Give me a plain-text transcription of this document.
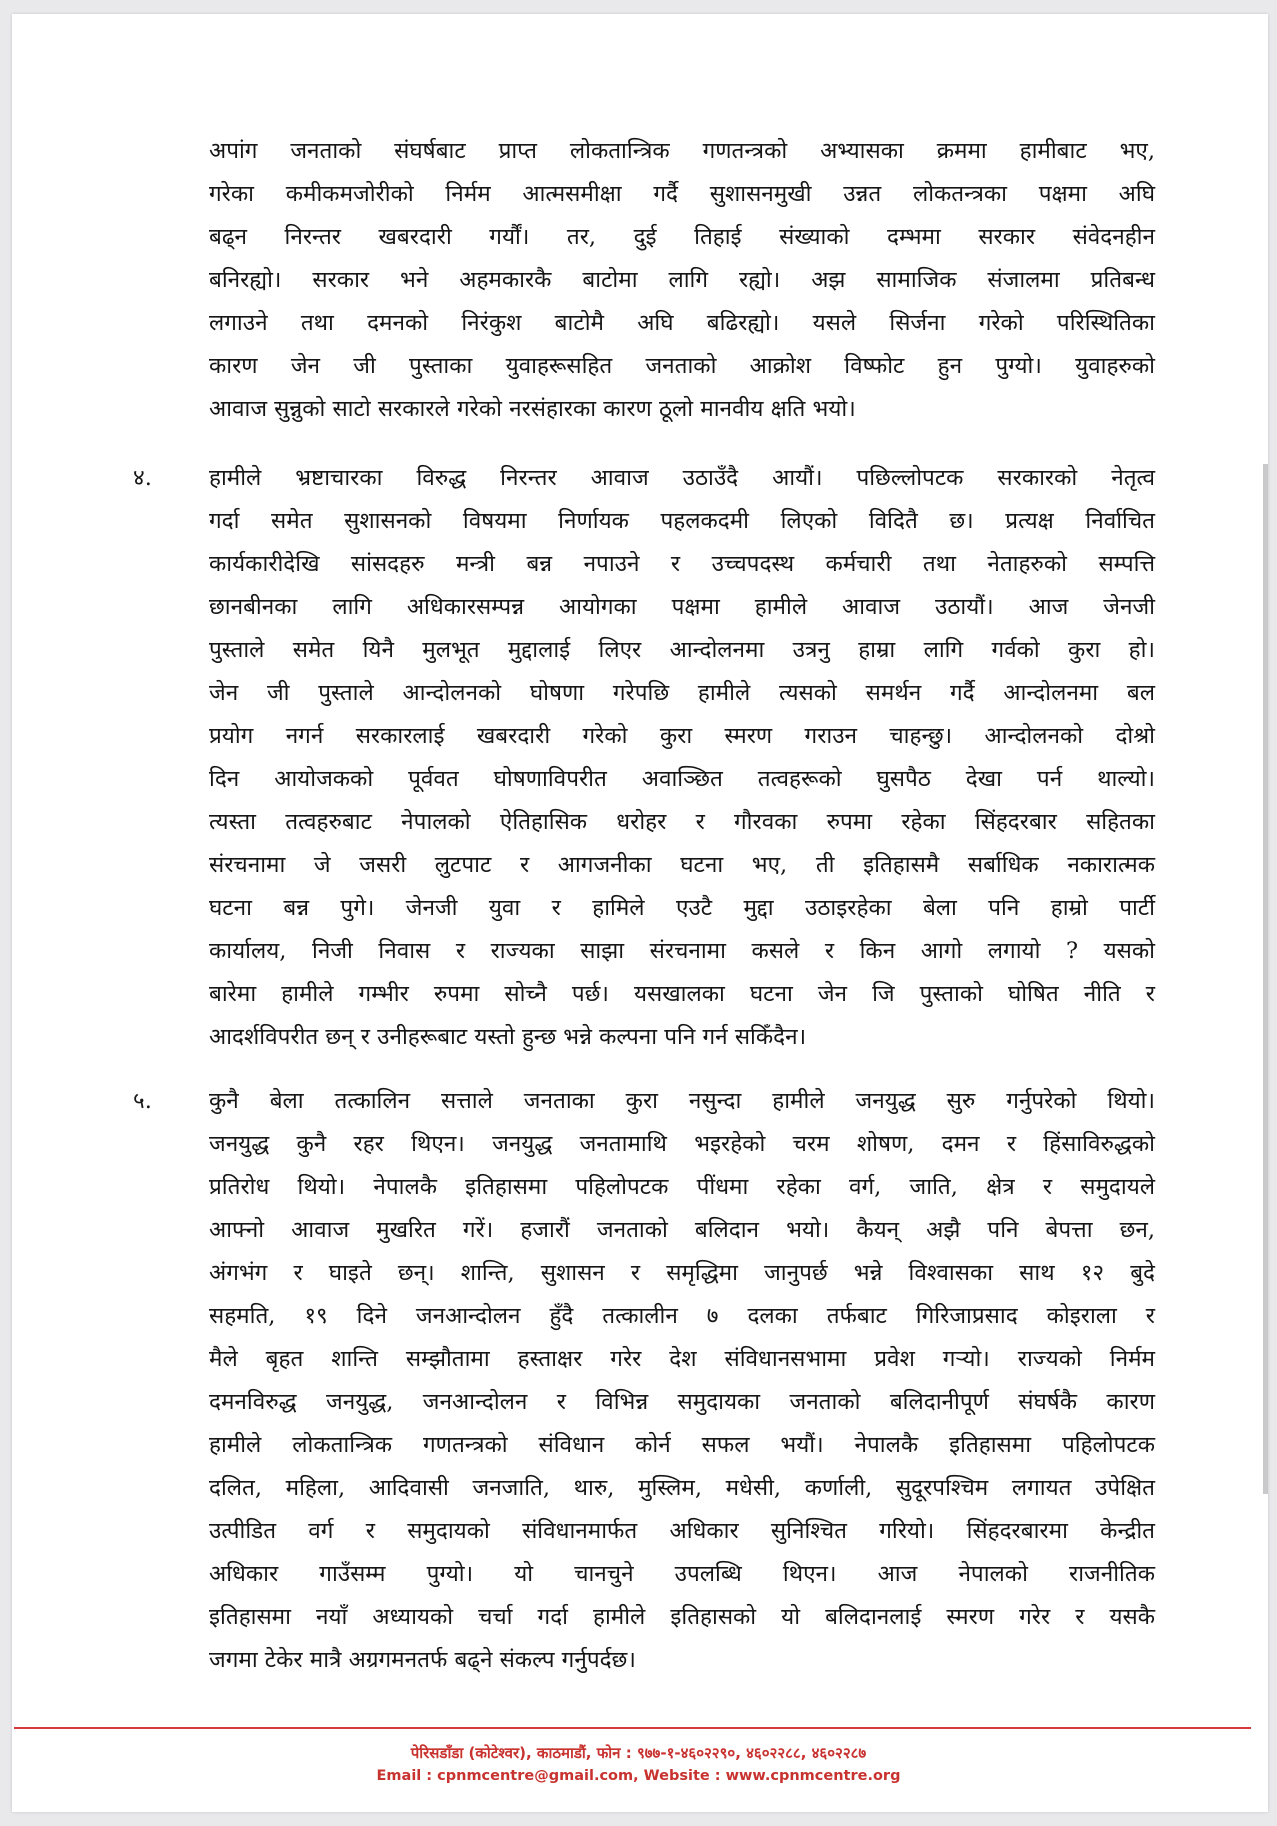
अपांग जनताको संघर्षबाट प्राप्त लोकतान्त्रिक गणतन्त्रको अभ्यासका क्रममा हामीबाट भए,
गरेका कमीकमजोरीको निर्मम आत्मसमीक्षा गर्दै सुशासनमुखी उन्नत लोकतन्त्रका पक्षमा अघि
बढ्न निरन्तर खबरदारी गर्यौं। तर, दुई तिहाई संख्याको दम्भमा सरकार संवेदनहीन
बनिरह्यो। सरकार भने अहमकारकै बाटोमा लागि रह्यो। अझ सामाजिक संजालमा प्रतिबन्ध
लगाउने तथा दमनको निरंकुश बाटोमै अघि बढिरह्यो। यसले सिर्जना गरेको परिस्थितिका
कारण जेन जी पुस्ताका युवाहरूसहित जनताको आक्रोश विष्फोट हुन पुग्यो। युवाहरुको
आवाज सुन्नुको साटो सरकारले गरेको नरसंहारका कारण ठूलो मानवीय क्षति भयो।
४.	हामीले भ्रष्टाचारका विरुद्ध निरन्तर आवाज उठाउँदै आयौं। पछिल्लोपटक सरकारको नेतृत्व
गर्दा समेत सुशासनको विषयमा निर्णायक पहलकदमी लिएको विदितै छ। प्रत्यक्ष निर्वाचित
कार्यकारीदेखि सांसदहरु मन्त्री बन्न नपाउने र उच्चपदस्थ कर्मचारी तथा नेताहरुको सम्पत्ति
छानबीनका लागि अधिकारसम्पन्न आयोगका पक्षमा हामीले आवाज उठायौं। आज जेनजी
पुस्ताले समेत यिनै मुलभूत मुद्दालाई लिएर आन्दोलनमा उत्रनु हाम्रा लागि गर्वको कुरा हो।
जेन जी पुस्ताले आन्दोलनको घोषणा गरेपछि हामीले त्यसको समर्थन गर्दै आन्दोलनमा बल
प्रयोग नगर्न सरकारलाई खबरदारी गरेको कुरा स्मरण गराउन चाहन्छु। आन्दोलनको दोश्रो
दिन आयोजकको पूर्ववत घोषणाविपरीत अवाञ्छित तत्वहरूको घुसपैठ देखा पर्न थाल्यो।
त्यस्ता तत्वहरुबाट नेपालको ऐतिहासिक धरोहर र गौरवका रुपमा रहेका सिंहदरबार सहितका
संरचनामा जे जसरी लुटपाट र आगजनीका घटना भए, ती इतिहासमै सर्बाधिक नकारात्मक
घटना बन्न पुगे। जेनजी युवा र हामिले एउटै मुद्दा उठाइरहेका बेला पनि हाम्रो पार्टी
कार्यालय, निजी निवास र राज्यका साझा संरचनामा कसले र किन आगो लगायो ? यसको
बारेमा हामीले गम्भीर रुपमा सोच्नै पर्छ। यसखालका घटना जेन जि पुस्ताको घोषित नीति र
आदर्शविपरीत छन् र उनीहरूबाट यस्तो हुन्छ भन्ने कल्पना पनि गर्न सकिँदैन।
५.	कुनै बेला तत्कालिन सत्ताले जनताका कुरा नसुन्दा हामीले जनयुद्ध सुरु गर्नुपरेको थियो।
जनयुद्ध कुनै रहर थिएन। जनयुद्ध जनतामाथि भइरहेको चरम शोषण, दमन र हिंसाविरुद्धको
प्रतिरोध थियो। नेपालकै इतिहासमा पहिलोपटक पींधमा रहेका वर्ग, जाति, क्षेत्र र समुदायले
आफ्नो आवाज मुखरित गरें। हजारौं जनताको बलिदान भयो। कैयन् अझै पनि बेपत्ता छन,
अंगभंग र घाइते छन्। शान्ति, सुशासन र समृद्धिमा जानुपर्छ भन्ने विश्वासका साथ १२ बुदे
सहमति, १९ दिने जनआन्दोलन हुँदै तत्कालीन ७ दलका तर्फबाट गिरिजाप्रसाद कोइराला र
मैले बृहत शान्ति सम्झौतामा हस्ताक्षर गरेर देश संविधानसभामा प्रवेश गर्‍यो। राज्यको निर्मम
दमनविरुद्ध जनयुद्ध, जनआन्दोलन र विभिन्न समुदायका जनताको बलिदानीपूर्ण संघर्षकै कारण
हामीले लोकतान्त्रिक गणतन्त्रको संविधान कोर्न सफल भयौं। नेपालकै इतिहासमा पहिलोपटक
दलित, महिला, आदिवासी जनजाति, थारु, मुस्लिम, मधेसी, कर्णाली, सुदूरपश्चिम लगायत उपेक्षित
उत्पीडित वर्ग र समुदायको संविधानमार्फत अधिकार सुनिश्चित गरियो। सिंहदरबारमा केन्द्रीत
अधिकार गाउँसम्म पुग्यो। यो चानचुने उपलब्धि थिएन। आज नेपालको राजनीतिक
इतिहासमा नयाँ अध्यायको चर्चा गर्दा हामीले इतिहासको यो बलिदानलाई स्मरण गरेर र यसकै
जगमा टेकेर मात्रै अग्रगमनतर्फ बढ्ने संकल्प गर्नुपर्दछ।
पेरिसडाँडा (कोटेश्वर), काठमाडौं, फोन : ९७७-१-४६०२२९०, ४६०२२८८, ४६०२२८७
Email : cpnmcentre@gmail.com, Website : www.cpnmcentre.org
